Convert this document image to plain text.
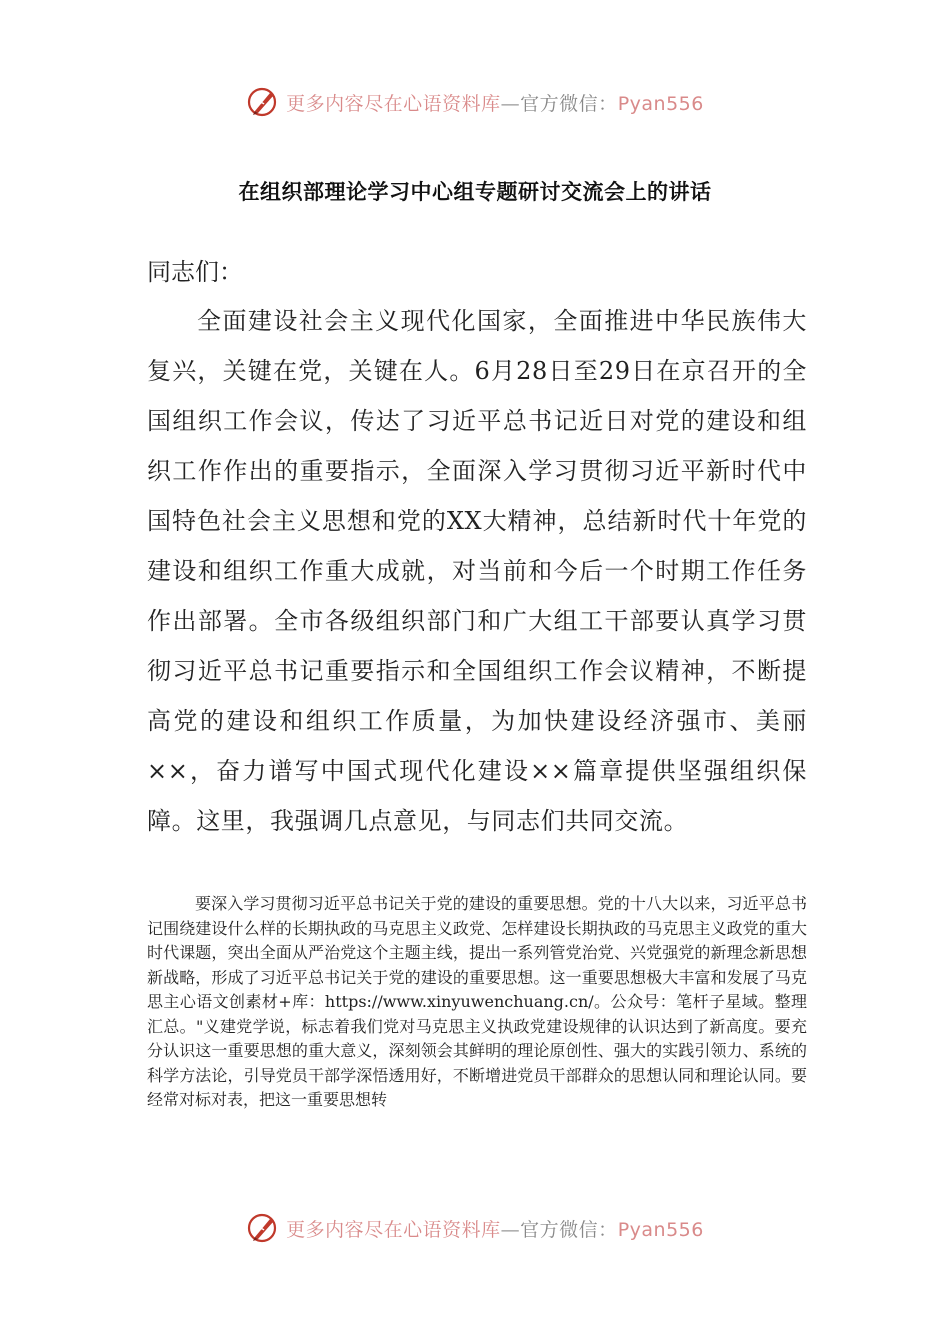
更多内容尽在心语资料库—官方微信：Pyan556
在组织部理论学习中心组专题研讨交流会上的讲话
同志们：

全面建设社会主义现代化国家，全面推进中华民族伟大复兴，关键在党，关键在人。6月28日至29日在京召开的全国组织工作会议，传达了习近平总书记近日对党的建设和组织工作作出的重要指示，全面深入学习贯彻习近平新时代中国特色社会主义思想和党的XX大精神，总结新时代十年党的建设和组织工作重大成就，对当前和今后一个时期工作任务作出部署。全市各级组织部门和广大组工干部要认真学习贯彻习近平总书记重要指示和全国组织工作会议精神，不断提高党的建设和组织工作质量，为加快建设经济强市、美丽××，奋力谱写中国式现代化建设××篇章提供坚强组织保障。这里，我强调几点意见，与同志们共同交流。

要深入学习贯彻习近平总书记关于党的建设的重要思想。党的十八大以来，习近平总书记围绕建设什么样的长期执政的马克思主义政党、怎样建设长期执政的马克思主义政党的重大时代课题，突出全面从严治党这个主题主线，提出一系列管党治党、兴党强党的新理念新思想新战略，形成了习近平总书记关于党的建设的重要思想。这一重要思想极大丰富和发展了马克思主心语文创素材+库：https://www.xinyuwenchuang.cn/。公众号：笔杆子星域。整理汇总。"义建党学说，标志着我们党对马克思主义执政党建设规律的认识达到了新高度。要充分认识这一重要思想的重大意义，深刻领会其鲜明的理论原创性、强大的实践引领力、系统的科学方法论，引导党员干部学深悟透用好，不断增进党员干部群众的思想认同和理论认同。要经常对标对表，把这一重要思想转

更多内容尽在心语资料库—官方微信：Pyan556
